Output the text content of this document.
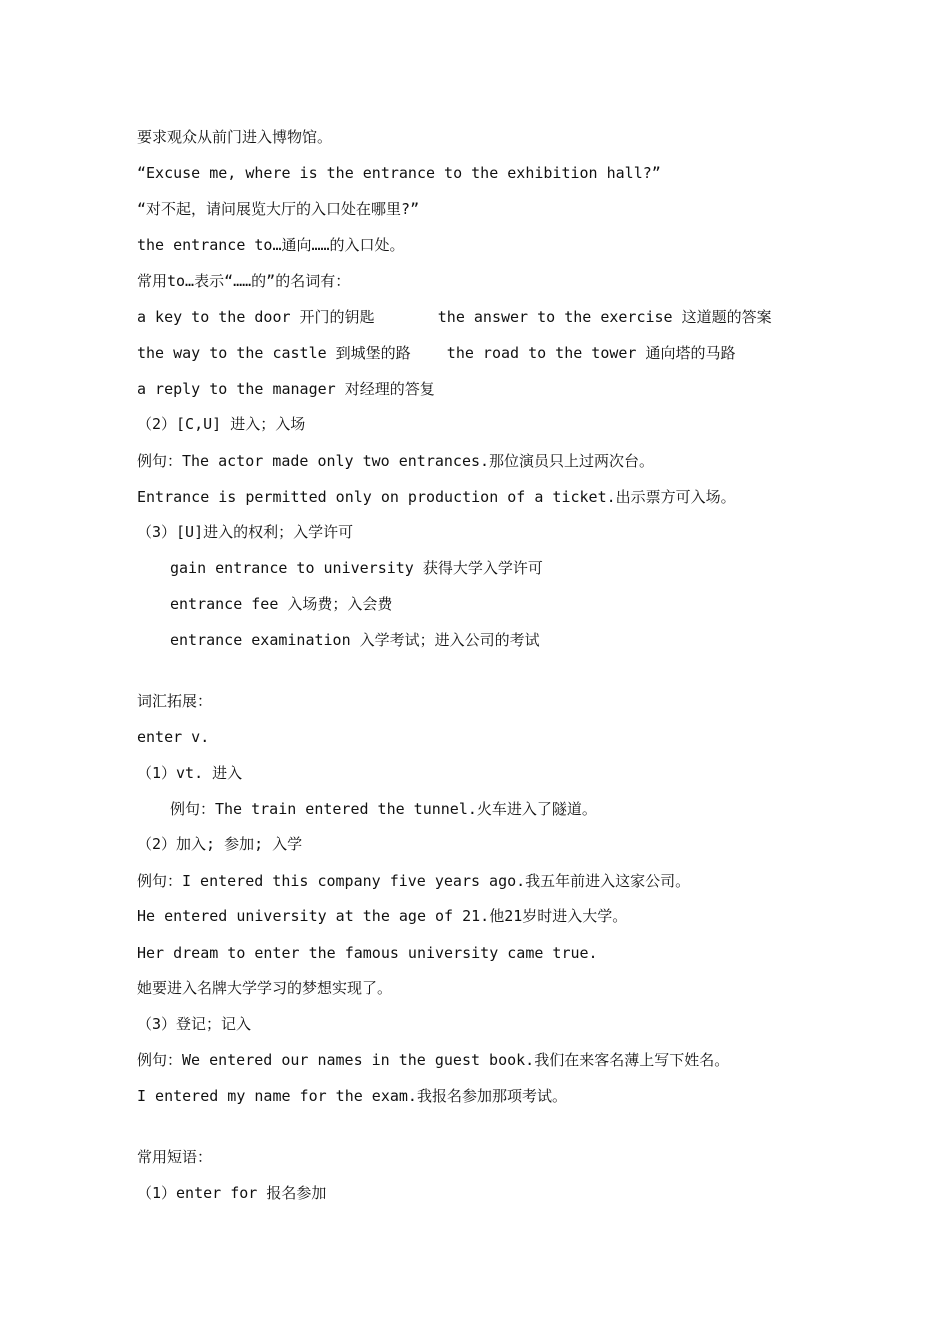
要求观众从前门进入博物馆。
“Excuse me, where is the entrance to the exhibition hall?”
“对不起，请问展览大厅的入口处在哪里?”
the entrance to…通向……的入口处。
常用to…表示“……的”的名词有：
a key to the door 开门的钥匙       the answer to the exercise 这道题的答案
the way to the castle 到城堡的路    the road to the tower 通向塔的马路
a reply to the manager 对经理的答复
（2）[C,U] 进入；入场
例句：The actor made only two entrances.那位演员只上过两次台。
Entrance is permitted only on production of a ticket.出示票方可入场。
（3）[U]进入的权利；入学许可
gain entrance to university 获得大学入学许可
entrance fee 入场费；入会费
entrance examination 入学考试；进入公司的考试
词汇拓展：
enter v.
（1）vt. 进入
例句：The train entered the tunnel.火车进入了隧道。
（2）加入; 参加; 入学
例句：I entered this company five years ago.我五年前进入这家公司。
He entered university at the age of 21.他21岁时进入大学。
Her dream to enter the famous university came true.
她要进入名牌大学学习的梦想实现了。
（3）登记；记入
例句：We entered our names in the guest book.我们在来客名薄上写下姓名。
I entered my name for the exam.我报名参加那项考试。
常用短语：
（1）enter for 报名参加
